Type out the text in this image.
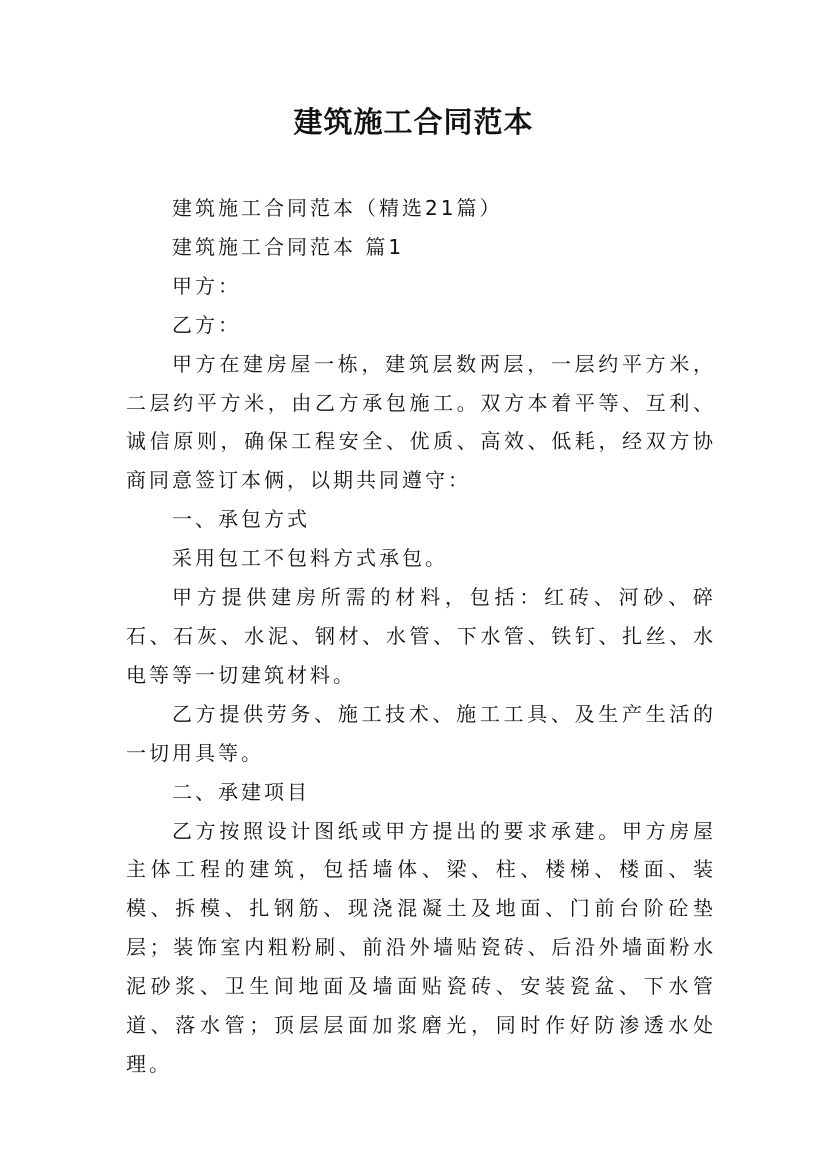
建筑施工合同范本

建筑施工合同范本（精选21篇）

建筑施工合同范本 篇1

甲方：

乙方：

甲方在建房屋一栋，建筑层数两层，一层约平方米，二层约平方米，由乙方承包施工。双方本着平等、互利、诚信原则，确保工程安全、优质、高效、低耗，经双方协商同意签订本俩，以期共同遵守：

一、承包方式

采用包工不包料方式承包。

甲方提供建房所需的材料，包括：红砖、河砂、碎石、石灰、水泥、钢材、水管、下水管、铁钉、扎丝、水电等等一切建筑材料。

乙方提供劳务、施工技术、施工工具、及生产生活的一切用具等。

二、承建项目

乙方按照设计图纸或甲方提出的要求承建。甲方房屋主体工程的建筑，包括墙体、梁、柱、楼梯、楼面、装模、拆模、扎钢筋、现浇混凝土及地面、门前台阶砼垫层；装饰室内粗粉刷、前沿外墙贴瓷砖、后沿外墙面粉水泥砂浆、卫生间地面及墙面贴瓷砖、安装瓷盆、下水管道、落水管；顶层层面加浆磨光，同时作好防渗透水处理。
